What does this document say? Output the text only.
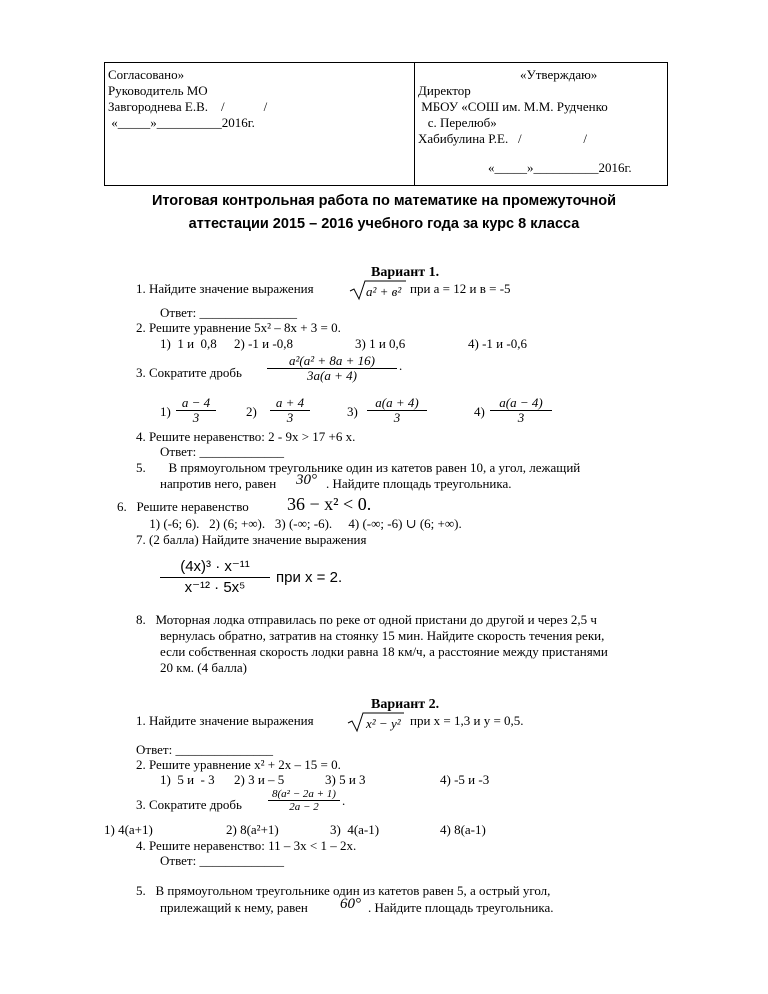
Согласовано»
Руководитель МО
Завгороднева Е.В.    /            /
«_____»__________2016г.
«Утверждаю»
Директор
МБОУ «СОШ им. М.М. Рудченко
с. Перелюб»
Хабибулина Р.Е.   /                   /
«_____»__________2016г.
Итоговая контрольная работа по математике на промежуточной
аттестации 2015 – 2016 учебного года за курс 8 класса
Вариант 1.
1. Найдите значение выражения	a² + в² при а = 12 и в = -5
Ответ: _______________
2. Решите уравнение 5x² – 8x + 3 = 0.
1)  1 и  0,8 2) -1 и -0,8	3) 1 и 0,6	4) -1 и -0,6
3. Сократите дробь $\frac{\text{a²(a² + 8a + 16)}}{3a(a + 4)}$ .
$1) \frac{a - 4}{3} 2) \frac{a + 4}{3}$	$3) \frac{a(a + 4)}{3}$	$4) \frac{a(a - 4)}{3}$
4. Решите неравенство: 2 - 9x > 17 +6 x.
Ответ: _____________
5.       В прямоугольном треугольнике один из катетов равен 10, а угол, лежащий
напротив него, равен 30° . Найдите площадь треугольника.
6.   Решите неравенство 36 − x² < 0.
1) (-6; 6).   2) (6; +∞).   3) (-∞; -6).     4) (-∞; -6) ∪ (6; +∞).
7. (2 балла) Найдите значение выражения
$\frac{\text{(4x)³ · x⁻¹¹}}{\text{x⁻¹² · 5x⁵}}$ при x = 2.
8.   Моторная лодка отправилась по реке от одной пристани до другой и через 2,5 ч
вернулась обратно, затратив на стоянку 15 мин. Найдите скорость течения реки,
если собственная скорость лодки равна 18 км/ч, а расстояние между пристанями
20 км. (4 балла)
Вариант 2.
1. Найдите значение выражения	x² − y² при x = 1,3 и y = 0,5.
Ответ: _______________
2. Решите уравнение x² + 2x – 15 = 0.
1)  5 и  - 3 2) 3 и – 5	3) 5 и 3	4) -5 и -3
3. Сократите дробь $\frac{\text{8(a² − 2a + 1)}}{2a - 2}$ .
1) 4(a+1)	2) 8(a²+1)	3)  4(a-1)	4) 8(a-1)
4. Решите неравенство: 11 – 3x < 1 – 2x.
Ответ: _____________
5.   В прямоугольном треугольнике один из катетов равен 5, а острый угол,
прилежащий к нему, равен 60° . Найдите площадь треугольника.
